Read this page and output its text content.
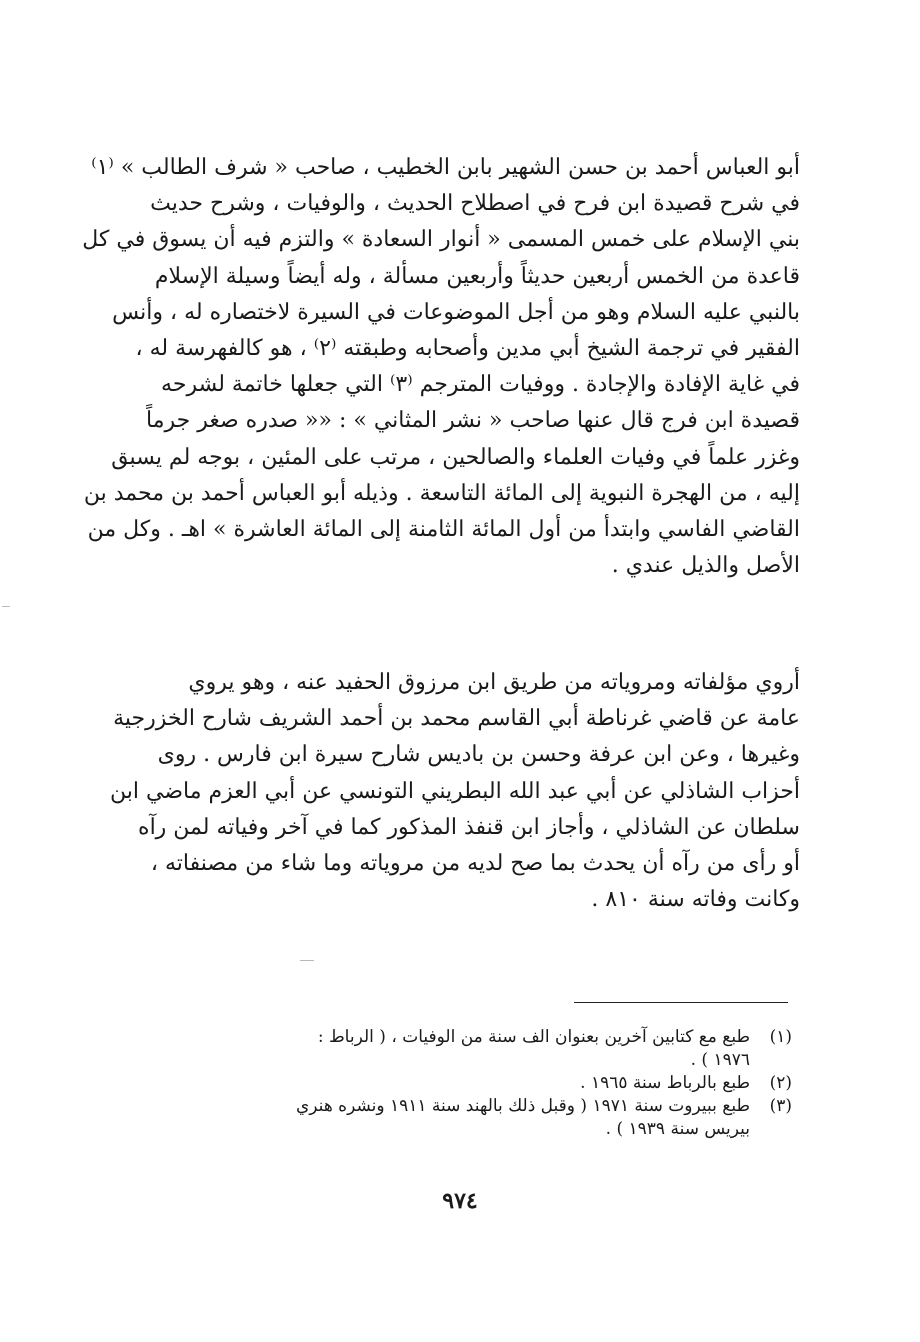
أبو العباس أحمد بن حسن الشهير بابن الخطيب ، صاحب « شرف الطالب » ⁽١⁾
في شرح قصيدة ابن فرح في اصطلاح الحديث ، والوفيات ، وشرح حديث
بني الإسلام على خمس المسمى « أنوار السعادة » والتزم فيه أن يسوق في كل
قاعدة من الخمس أربعين حديثاً وأربعين مسألة ، وله أيضاً وسيلة الإسلام
بالنبي عليه السلام وهو من أجل الموضوعات في السيرة لاختصاره له ، وأنس
الفقير في ترجمة الشيخ أبي مدين وأصحابه وطبقته ⁽٢⁾ ، هو كالفهرسة له ،
في غاية الإفادة والإجادة . ووفيات المترجم ⁽٣⁾ التي جعلها خاتمة لشرحه
قصيدة ابن فرج قال عنها صاحب « نشر المثاني » : «« صدره صغر جرماً
وغزر علماً في وفيات العلماء والصالحين ، مرتب على المئين ، بوجه لم يسبق
إليه ، من الهجرة النبوية إلى المائة التاسعة . وذيله أبو العباس أحمد بن محمد بن
القاضي الفاسي وابتدأ من أول المائة الثامنة إلى المائة العاشرة » اهـ . وكل من
الأصل والذيل عندي .
أروي مؤلفاته ومروياته من طريق ابن مرزوق الحفيد عنه ، وهو يروي
عامة عن قاضي غرناطة أبي القاسم محمد بن أحمد الشريف شارح الخزرجية
وغيرها ، وعن ابن عرفة وحسن بن باديس شارح سيرة ابن فارس . روى
أحزاب الشاذلي عن أبي عبد الله البطريني التونسي عن أبي العزم ماضي ابن
سلطان عن الشاذلي ، وأجاز ابن قنفذ المذكور كما في آخر وفياته لمن رآه
أو رأى من رآه أن يحدث بما صح لديه من مروياته وما شاء من مصنفاته ،
وكانت وفاته سنة ٨١٠ .
(١)
طبع مع كتابين آخرين بعنوان الف سنة من الوفيات ، ( الرباط :
١٩٧٦ ) .
(٢)
طبع بالرباط سنة ١٩٦٥ .
(٣)
طبع ببيروت سنة ١٩٧١ ( وقبل ذلك بالهند سنة ١٩١١ ونشره هنري
بيريس سنة ١٩٣٩ ) .
٩٧٤
